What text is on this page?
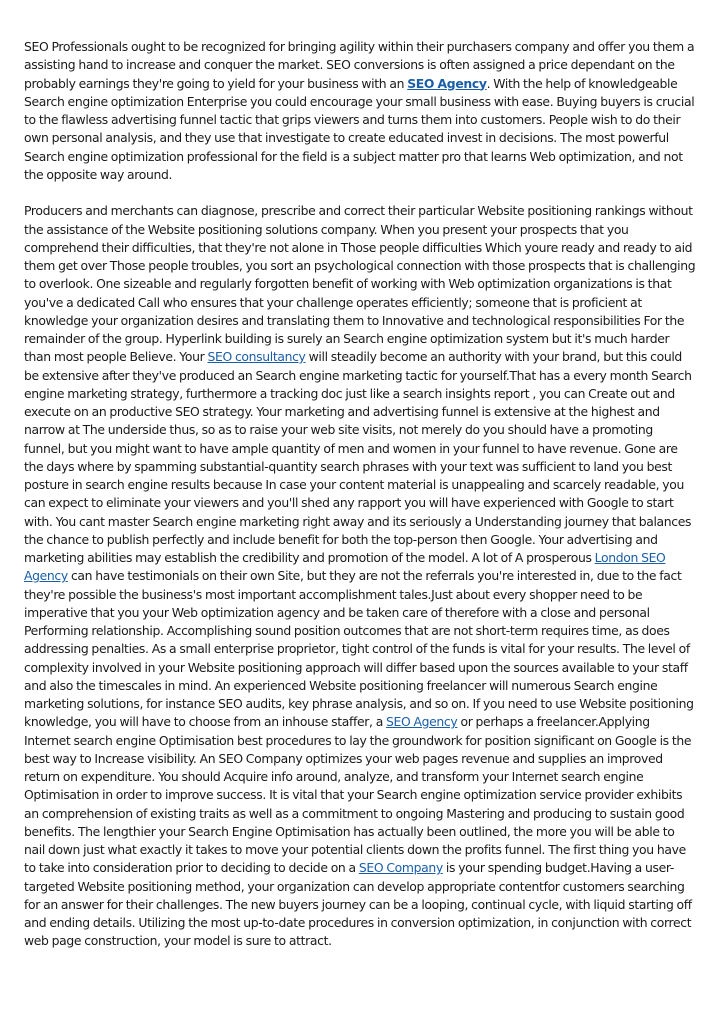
SEO Professionals ought to be recognized for bringing agility within their purchasers company and offer you them a assisting hand to increase and conquer the market. SEO conversions is often assigned a price dependant on the probably earnings they're going to yield for your business with an SEO Agency. With the help of knowledgeable Search engine optimization Enterprise you could encourage your small business with ease. Buying buyers is crucial to the flawless advertising funnel tactic that grips viewers and turns them into customers. People wish to do their own personal analysis, and they use that investigate to create educated invest in decisions. The most powerful Search engine optimization professional for the field is a subject matter pro that learns Web optimization, and not the opposite way around.

Producers and merchants can diagnose, prescribe and correct their particular Website positioning rankings without the assistance of the Website positioning solutions company. When you present your prospects that you comprehend their difficulties, that they're not alone in Those people difficulties Which youre ready and ready to aid them get over Those people troubles, you sort an psychological connection with those prospects that is challenging to overlook. One sizeable and regularly forgotten benefit of working with Web optimization organizations is that you've a dedicated Call who ensures that your challenge operates efficiently; someone that is proficient at knowledge your organization desires and translating them to Innovative and technological responsibilities For the remainder of the group. Hyperlink building is surely an Search engine optimization system but it's much harder than most people Believe. Your SEO consultancy will steadily become an authority with your brand, but this could be extensive after they've produced an Search engine marketing tactic for yourself.That has a every month Search engine marketing strategy, furthermore a tracking doc just like a search insights report , you can Create out and execute on an productive SEO strategy. Your marketing and advertising funnel is extensive at the highest and narrow at The underside thus, so as to raise your web site visits, not merely do you should have a promoting funnel, but you might want to have ample quantity of men and women in your funnel to have revenue. Gone are the days where by spamming substantial-quantity search phrases with your text was sufficient to land you best posture in search engine results because In case your content material is unappealing and scarcely readable, you can expect to eliminate your viewers and you'll shed any rapport you will have experienced with Google to start with. You cant master Search engine marketing right away and its seriously a Understanding journey that balances the chance to publish perfectly and include benefit for both the top-person then Google. Your advertising and marketing abilities may establish the credibility and promotion of the model. A lot of A prosperous London SEO Agency can have testimonials on their own Site, but they are not the referrals you're interested in, due to the fact they're possible the business's most important accomplishment tales.Just about every shopper need to be imperative that you your Web optimization agency and be taken care of therefore with a close and personal Performing relationship. Accomplishing sound position outcomes that are not short-term requires time, as does addressing penalties. As a small enterprise proprietor, tight control of the funds is vital for your results. The level of complexity involved in your Website positioning approach will differ based upon the sources available to your staff and also the timescales in mind. An experienced Website positioning freelancer will numerous Search engine marketing solutions, for instance SEO audits, key phrase analysis, and so on. If you need to use Website positioning knowledge, you will have to choose from an inhouse staffer, a SEO Agency or perhaps a freelancer.Applying Internet search engine Optimisation best procedures to lay the groundwork for position significant on Google is the best way to Increase visibility. An SEO Company optimizes your web pages revenue and supplies an improved return on expenditure. You should Acquire info around, analyze, and transform your Internet search engine Optimisation in order to improve success. It is vital that your Search engine optimization service provider exhibits an comprehension of existing traits as well as a commitment to ongoing Mastering and producing to sustain good benefits. The lengthier your Search Engine Optimisation has actually been outlined, the more you will be able to nail down just what exactly it takes to move your potential clients down the profits funnel. The first thing you have to take into consideration prior to deciding to decide on a SEO Company is your spending budget.Having a user-targeted Website positioning method, your organization can develop appropriate contentfor customers searching for an answer for their challenges. The new buyers journey can be a looping, continual cycle, with liquid starting off and ending details. Utilizing the most up-to-date procedures in conversion optimization, in conjunction with correct web page construction, your model is sure to attract.
